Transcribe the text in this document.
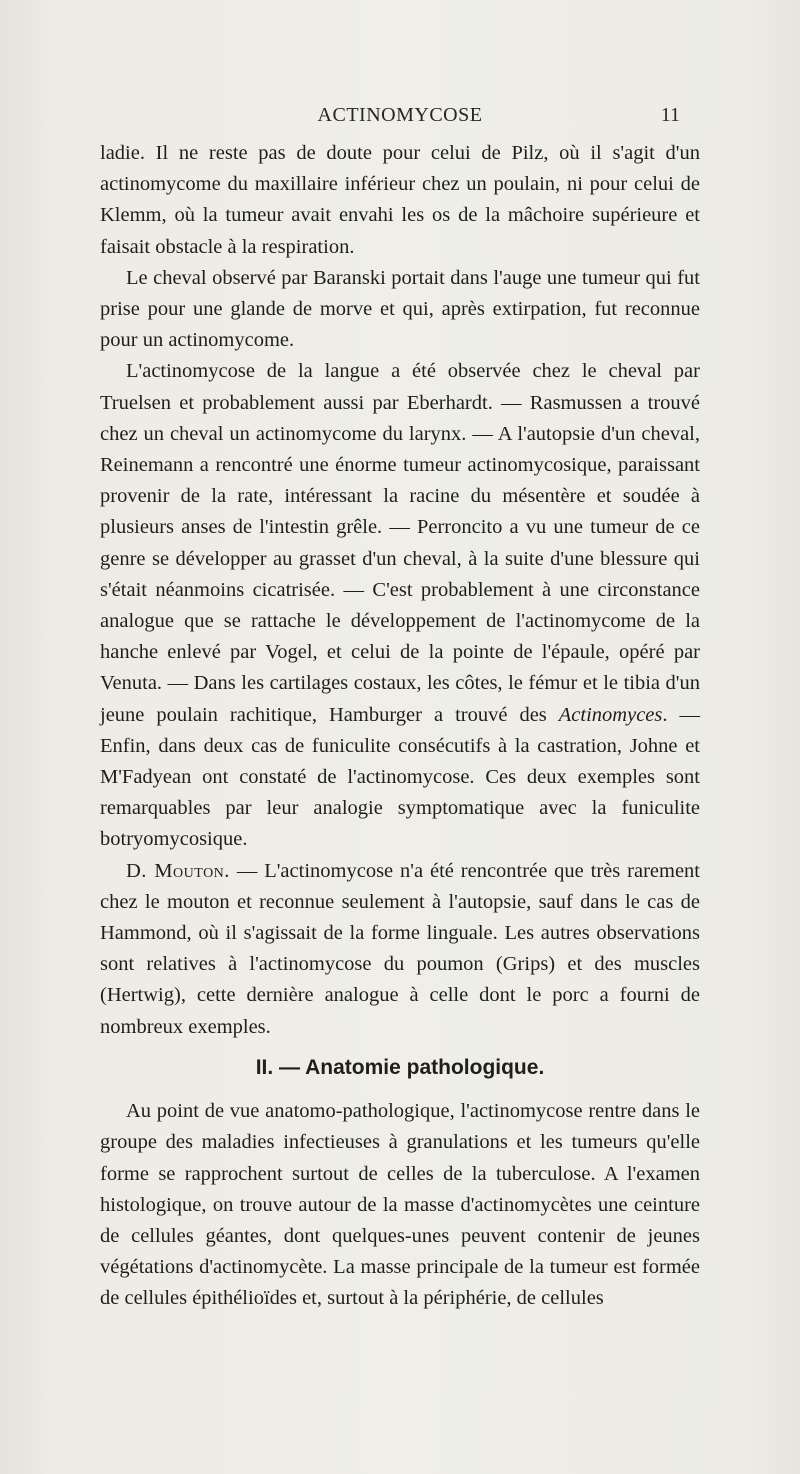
ACTINOMYCOSE	11

ladie. Il ne reste pas de doute pour celui de Pilz, où il s'agit d'un actinomycome du maxillaire inférieur chez un poulain, ni pour celui de Klemm, où la tumeur avait envahi les os de la mâchoire supérieure et faisait obstacle à la respiration.

Le cheval observé par Baranski portait dans l'auge une tumeur qui fut prise pour une glande de morve et qui, après extirpation, fut reconnue pour un actinomycome.

L'actinomycose de la langue a été observée chez le cheval par Truelsen et probablement aussi par Eberhardt. — Rasmussen a trouvé chez un cheval un actinomycome du larynx. — A l'autopsie d'un cheval, Reinemann a rencontré une énorme tumeur actinomycosique, paraissant provenir de la rate, intéressant la racine du mésentère et soudée à plusieurs anses de l'intestin grêle. — Perroncito a vu une tumeur de ce genre se développer au grasset d'un cheval, à la suite d'une blessure qui s'était néanmoins cicatrisée. — C'est probablement à une circonstance analogue que se rattache le développement de l'actinomycome de la hanche enlevé par Vogel, et celui de la pointe de l'épaule, opéré par Venuta. — Dans les cartilages costaux, les côtes, le fémur et le tibia d'un jeune poulain rachitique, Hamburger a trouvé des Actinomyces. — Enfin, dans deux cas de funiculite consécutifs à la castration, Johne et M'Fadyean ont constaté de l'actinomycose. Ces deux exemples sont remarquables par leur analogie symptomatique avec la funiculite botryomycosique.

D. Mouton. — L'actinomycose n'a été rencontrée que très rarement chez le mouton et reconnue seulement à l'autopsie, sauf dans le cas de Hammond, où il s'agissait de la forme linguale. Les autres observations sont relatives à l'actinomycose du poumon (Grips) et des muscles (Hertwig), cette dernière analogue à celle dont le porc a fourni de nombreux exemples.

II. — Anatomie pathologique.

Au point de vue anatomo-pathologique, l'actinomycose rentre dans le groupe des maladies infectieuses à granulations et les tumeurs qu'elle forme se rapprochent surtout de celles de la tuberculose. A l'examen histologique, on trouve autour de la masse d'actinomycètes une ceinture de cellules géantes, dont quelques-unes peuvent contenir de jeunes végétations d'actinomycète. La masse principale de la tumeur est formée de cellules épithélioïdes et, surtout à la périphérie, de cellules
